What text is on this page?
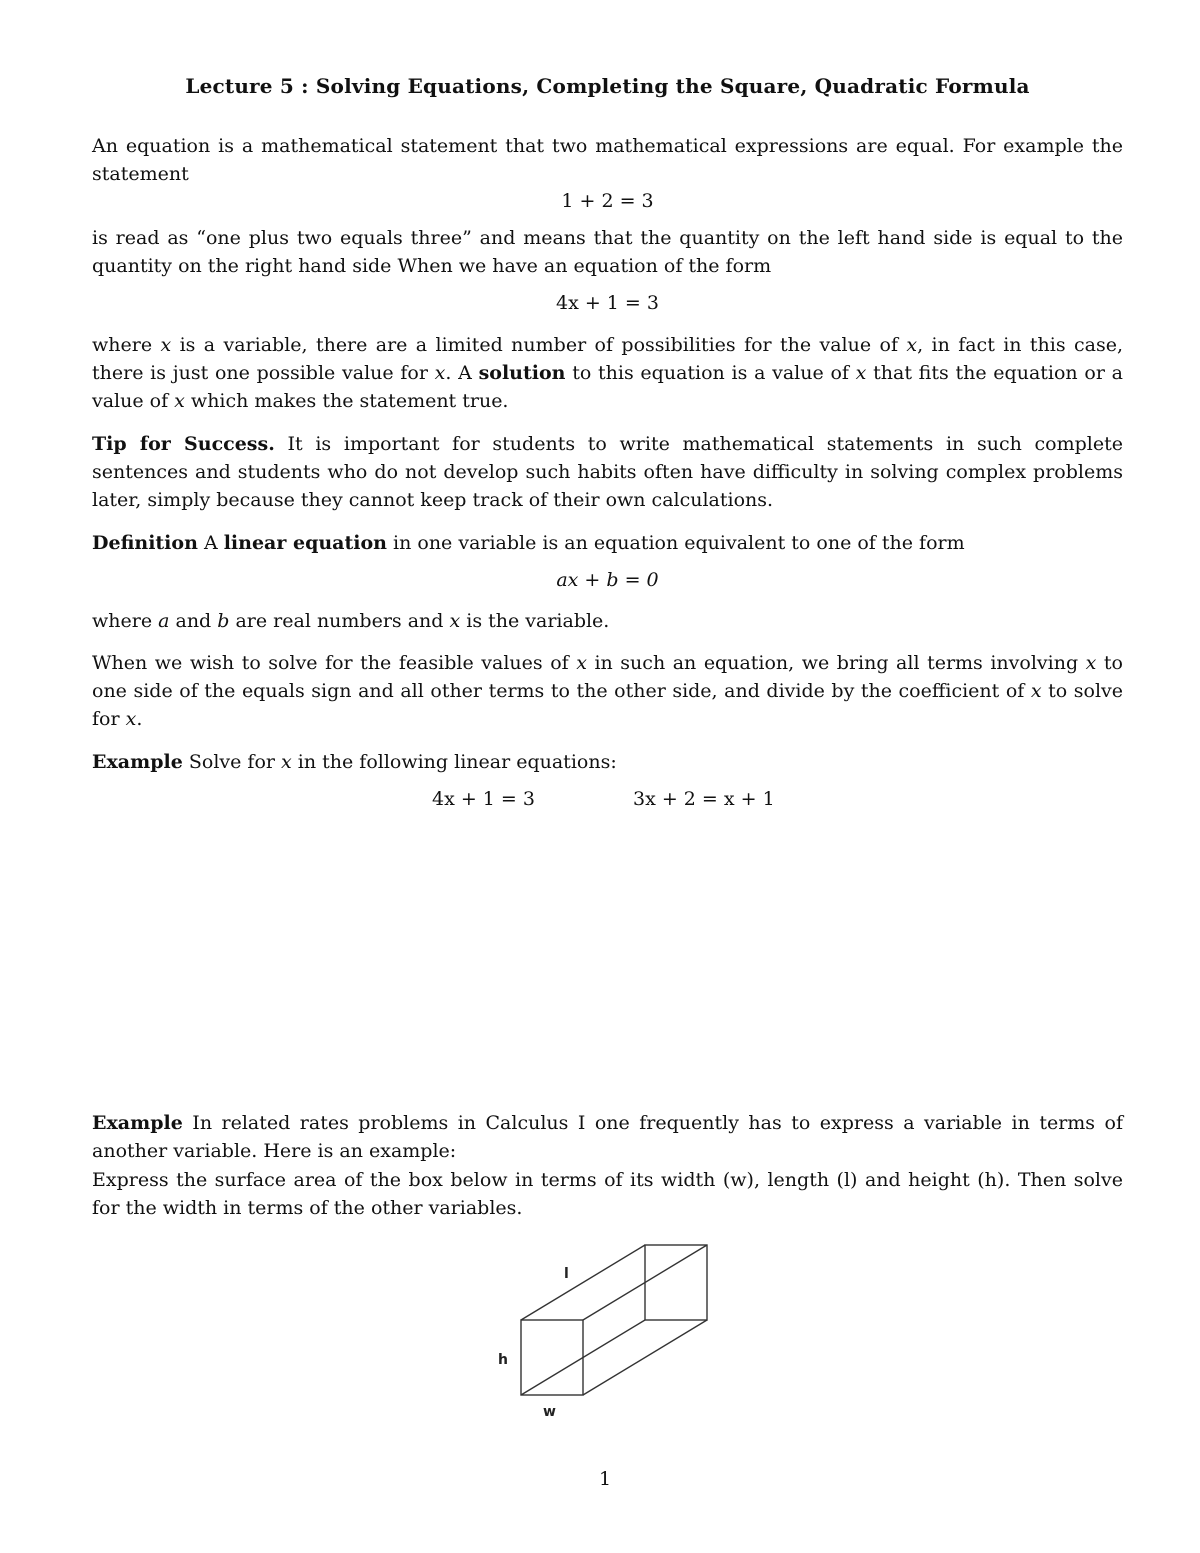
Lecture 5 : Solving Equations, Completing the Square, Quadratic Formula
An equation is a mathematical statement that two mathematical expressions are equal. For example the statement
1 + 2 = 3
is read as “one plus two equals three” and means that the quantity on the left hand side is equal to the quantity on the right hand side When we have an equation of the form
4x + 1 = 3
where x is a variable, there are a limited number of possibilities for the value of x, in fact in this case, there is just one possible value for x. A solution to this equation is a value of x that fits the equation or a value of x which makes the statement true.
Tip for Success. It is important for students to write mathematical statements in such complete sentences and students who do not develop such habits often have difficulty in solving complex problems later, simply because they cannot keep track of their own calculations.
Definition A linear equation in one variable is an equation equivalent to one of the form
ax + b = 0
where a and b are real numbers and x is the variable.
When we wish to solve for the feasible values of x in such an equation, we bring all terms involving x to one side of the equals sign and all other terms to the other side, and divide by the coefficient of x to solve for x.
Example Solve for x in the following linear equations:
4x + 1 = 3	3x + 2 = x + 1
Example In related rates problems in Calculus I one frequently has to express a variable in terms of another variable. Here is an example:
Express the surface area of the box below in terms of its width (w), length (l) and height (h). Then solve for the width in terms of the other variables.
l
h
w
1
